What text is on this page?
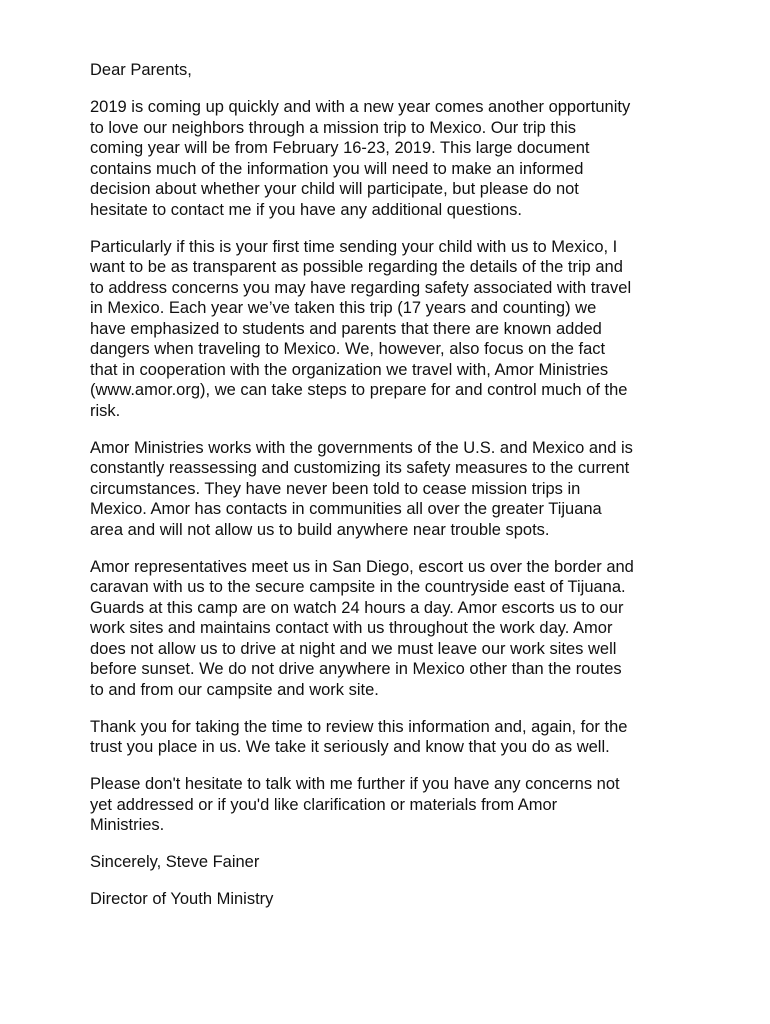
Dear Parents,

2019 is coming up quickly and with a new year comes another opportunity
to love our neighbors through a mission trip to Mexico. Our trip this
coming year will be from February 16-23, 2019. This large document
contains much of the information you will need to make an informed
decision about whether your child will participate, but please do not
hesitate to contact me if you have any additional questions.

Particularly if this is your first time sending your child with us to Mexico, I
want to be as transparent as possible regarding the details of the trip and
to address concerns you may have regarding safety associated with travel
in Mexico. Each year we’ve taken this trip (17 years and counting) we
have emphasized to students and parents that there are known added
dangers when traveling to Mexico. We, however, also focus on the fact
that in cooperation with the organization we travel with, Amor Ministries
(www.amor.org), we can take steps to prepare for and control much of the
risk.

Amor Ministries works with the governments of the U.S. and Mexico and is
constantly reassessing and customizing its safety measures to the current
circumstances. They have never been told to cease mission trips in
Mexico. Amor has contacts in communities all over the greater Tijuana
area and will not allow us to build anywhere near trouble spots.

Amor representatives meet us in San Diego, escort us over the border and
caravan with us to the secure campsite in the countryside east of Tijuana.
Guards at this camp are on watch 24 hours a day. Amor escorts us to our
work sites and maintains contact with us throughout the work day. Amor
does not allow us to drive at night and we must leave our work sites well
before sunset. We do not drive anywhere in Mexico other than the routes
to and from our campsite and work site.

Thank you for taking the time to review this information and, again, for the
trust you place in us. We take it seriously and know that you do as well.

Please don't hesitate to talk with me further if you have any concerns not
yet addressed or if you'd like clarification or materials from Amor
Ministries.

Sincerely, Steve Fainer

Director of Youth Ministry
